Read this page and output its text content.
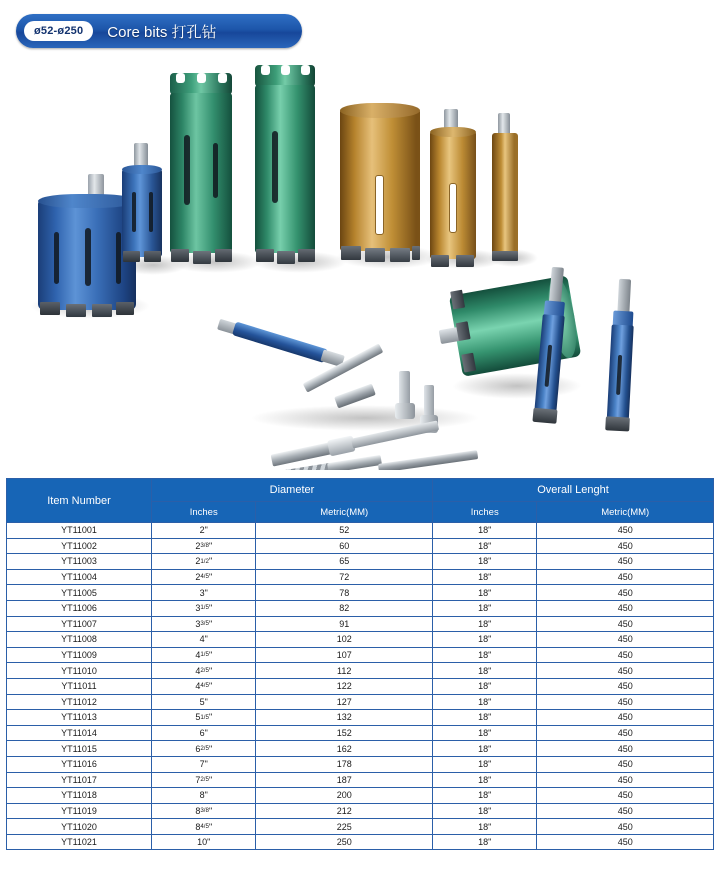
ø52-ø250	Core bits 打孔钻
Item Number	Diameter		Overall Lenght	
	Inches	Metric(MM)	Inches	Metric(MM)
YT11001	2"	52	18"	450
YT11002	23/8"	60	18"	450
YT11003	21/2"	65	18"	450
YT11004	24/5"	72	18"	450
YT11005	3"	78	18"	450
YT11006	31/5"	82	18"	450
YT11007	33/5"	91	18"	450
YT11008	4"	102	18"	450
YT11009	41/5"	107	18"	450
YT11010	42/5"	112	18"	450
YT11011	44/5"	122	18"	450
YT11012	5"	127	18"	450
YT11013	51/5"	132	18"	450
YT11014	6"	152	18"	450
YT11015	62/5"	162	18"	450
YT11016	7"	178	18"	450
YT11017	72/5"	187	18"	450
YT11018	8"	200	18"	450
YT11019	83/8"	212	18"	450
YT11020	84/5"	225	18"	450
YT11021	10"	250	18"	450
